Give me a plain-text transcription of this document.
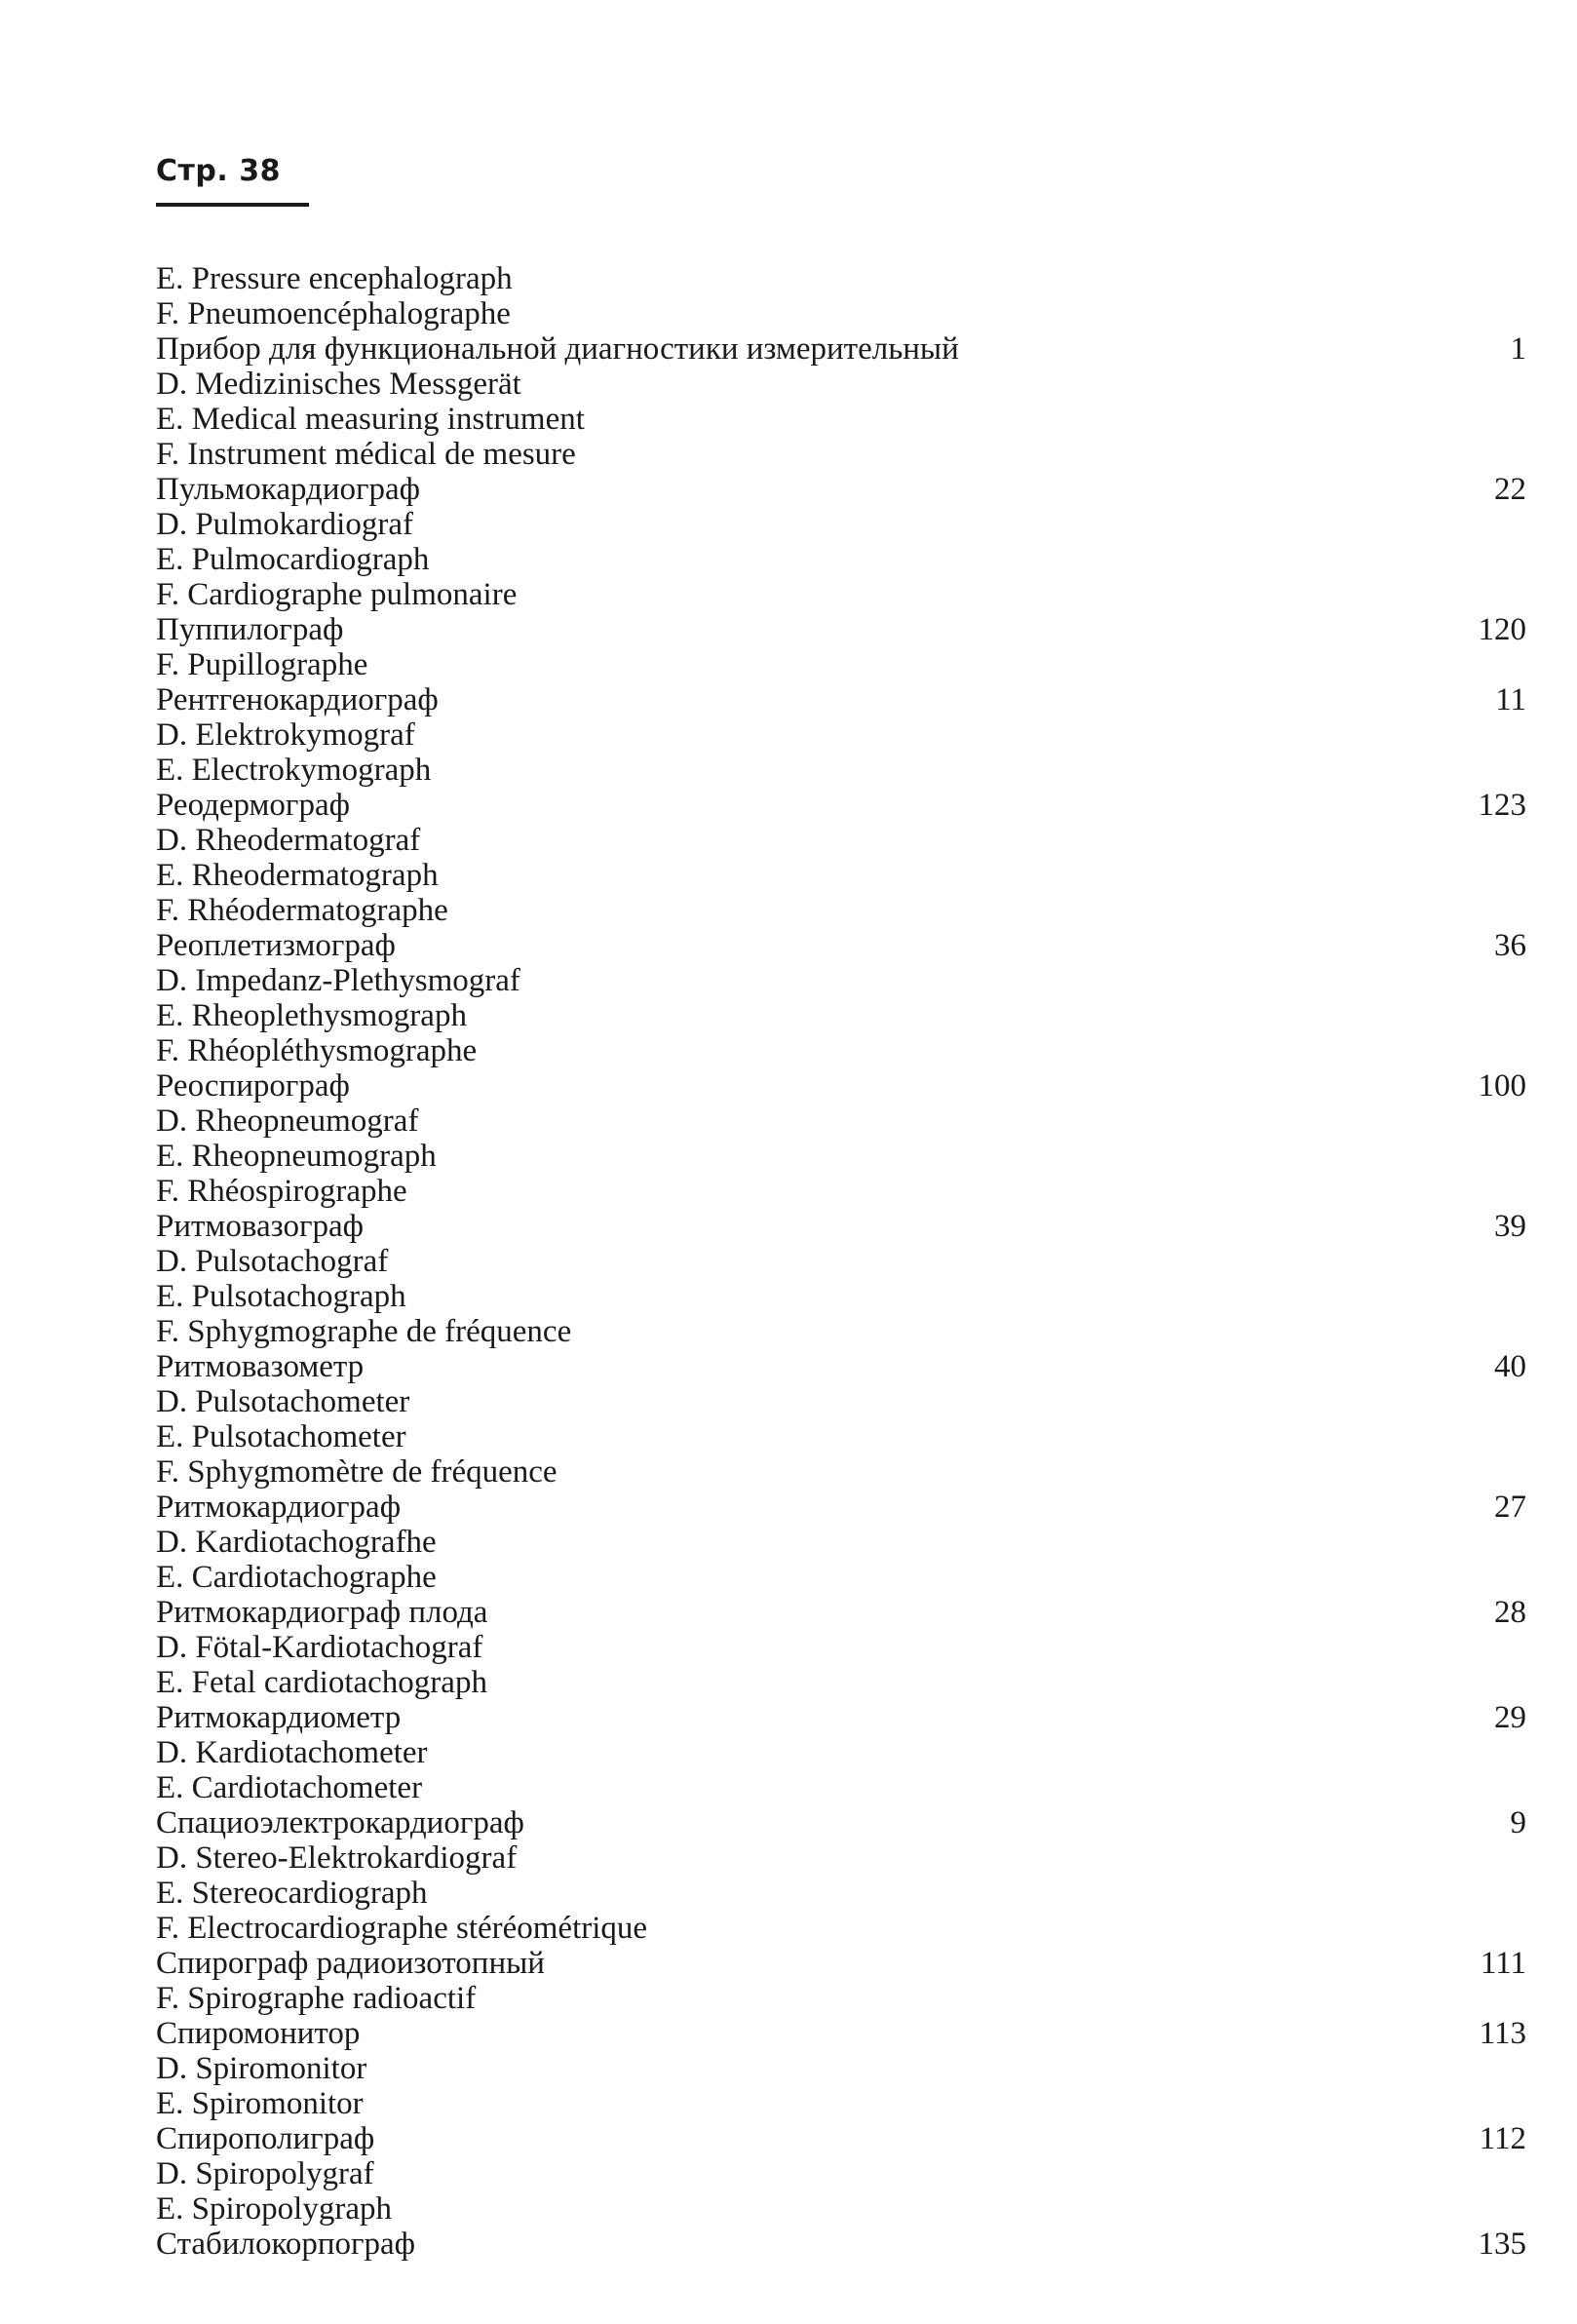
Стр. 38
E. Pressure encephalograph
F. Pneumoencéphalographe
Прибор для функциональной диагностики измерительный	1
D. Medizinisches Messgerät
E. Medical measuring instrument
F. Instrument médical de mesure
Пульмокардиограф	22
D. Pulmokardiograf
E. Pulmocardiograph
F. Cardiographe pulmonaire
Пуппилограф	120
F. Pupillographe
Рентгенокардиограф	11
D. Elektrokymograf
E. Electrokymograph
Реодермограф	123
D. Rheodermatograf
E. Rheodermatograph
F. Rhéodermatographe
Реоплетизмограф	36
D. Impedanz-Plethysmograf
E. Rheoplethysmograph
F. Rhéopléthysmographe
Реоспирограф	100
D. Rheopneumograf
E. Rheopneumograph
F. Rhéospirographe
Ритмовазограф	39
D. Pulsotachograf
E. Pulsotachograph
F. Sphygmographe de fréquence
Ритмовазометр	40
D. Pulsotachometer
E. Pulsotachometer
F. Sphygmomètre de fréquence
Ритмокардиограф	27
D. Kardiotachografhe
E. Cardiotachographe
Ритмокардиограф плода	28
D. Fötal-Kardiotachograf
E. Fetal cardiotachograph
Ритмокардиометр	29
D. Kardiotachometer
E. Cardiotachometer
Спациоэлектрокардиограф	9
D. Stereo-Elektrokardiograf
E. Stereocardiograph
F. Electrocardiographe stéréométrique
Спирограф радиоизотопный	111
F. Spirographe radioactif
Спиромонитор	113
D. Spiromonitor
E. Spiromonitor
Спирополиграф	112
D. Spiropolygraf
E. Spiropolygraph
Стабилокорпограф	135
